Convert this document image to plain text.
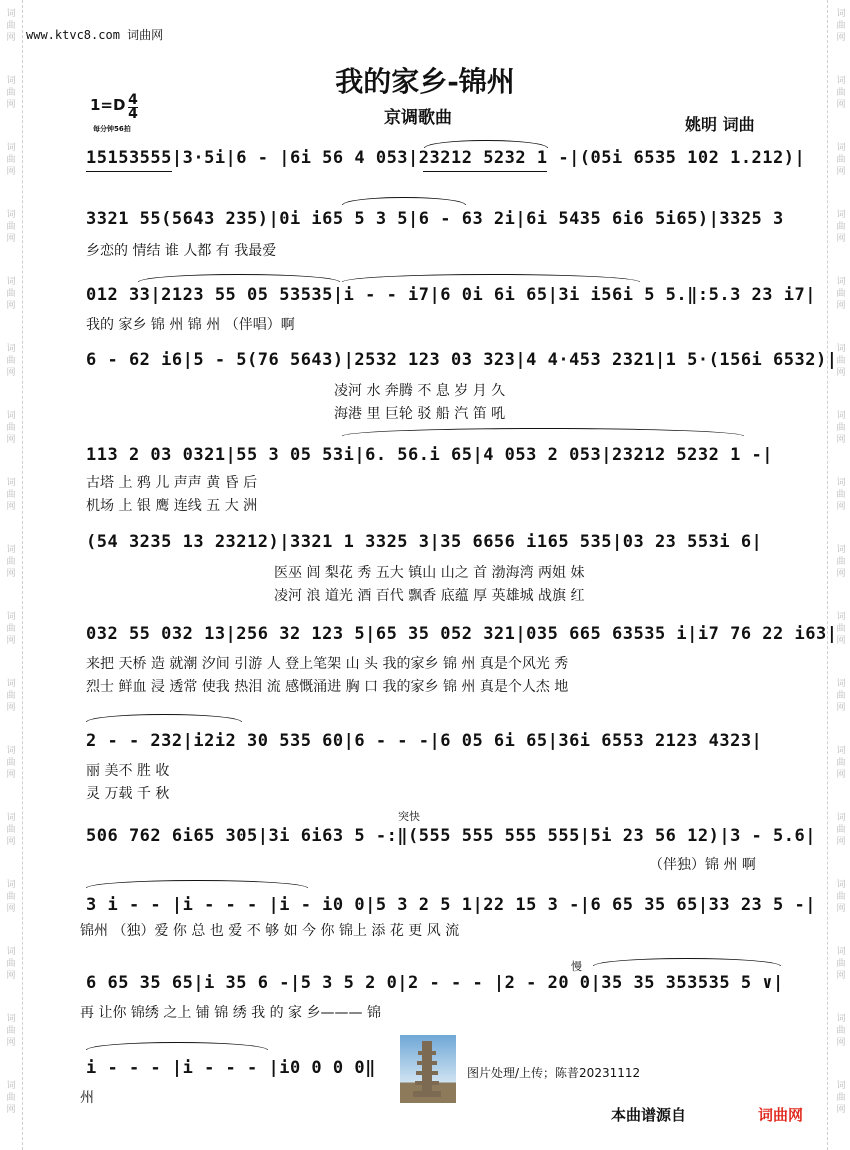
词
曲
网
词
曲
网
词
曲
网
词
曲
网
词
曲
网
词
曲
网
词
曲
网
词
曲
网
词
曲
网
词
曲
网
词
曲
网
词
曲
网
词
曲
网
词
曲
网
词
曲
网
词
曲
网
词
曲
网
词
曲
网
词
曲
网
词
曲
网
词
曲
网
词
曲
网
词
曲
网
词
曲
网
词
曲
网
词
曲
网
词
曲
网
词
曲
网
词
曲
网
词
曲
网
词
曲
网
词
曲
网
词
曲
网
词
曲
网
www.ktvc8.com 词曲网
我的家乡-锦州
1=D 4
4
每分钟56拍
京调歌曲	姚明 词曲
15153555|3·5i|6 - |6i 56 4 053|23212 5232 1 -|(05i 6535 102 1.212)|
3321 55(5643 235)|0i i65 5 3 5|6 - 63 2i|6i 5435 6i6 5i65)|3325 3
乡恋的 情结 谁 人都 有 我最爱
012 33|2123 55 05 53535|i - - i7|6 0i 6i 65|3i i56i 5 5.‖:5.3 23 i7|
我的 家乡 锦 州 锦 州 （伴唱）啊
6 - 62 i6|5 - 5(76 5643)|2532 123 03 323|4 4·453 2321|1 5·(156i 6532)|
凌河 水 奔腾 不 息 岁 月 久
海港 里 巨轮 驳 船 汽 笛 吼
113 2 03 0321|55 3 05 53i|6. 56.i 65|4 053 2 053|23212 5232 1 -|
古塔 上 鸦 儿 声声 黄 昏 后
机场 上 银 鹰 连线 五 大 洲
(54 3235 13 23212)|3321 1 3325 3|35 6656 i165 535|03 23 553i 6|
医巫 闾 梨花 秀 五大 镇山 山之 首 渤海湾 两姐 妹
凌河 浪 道光 酒 百代 飘香 底蕴 厚 英雄城 战旗 红
032 55 032 13|256 32 123 5|65 35 052 321|035 665 63535 i|i7 76 22 i63|
来把 天桥 造 就潮 汐间 引游 人 登上笔架 山 头 我的家乡 锦 州 真是个风光 秀
烈士 鲜血 浸 透常 使我 热泪 流 感慨涌进 胸 口 我的家乡 锦 州 真是个人杰 地
2 - - 232|i2i2 30 535 60|6 - - -|6 05 6i 65|36i 6553 2123 4323|
丽 美不 胜 收
灵 万载 千 秋
突快
506 762 6i65 305|3i 6i63 5 -:‖(555 555 555 555|5i 23 56 12)|3 - 5.6|
（伴独）锦 州 啊
3 i - - |i - - - |i - i0 0|5 3 2 5 1|22 15 3 -|6 65 35 65|33 23 5 -|
锦州 （独）爱 你 总 也 爱 不 够 如 今 你 锦上 添 花 更 风 流
慢
6 65 35 65|i 35 6 -|5 3 5 2 0|2 - - - |2 - 20 0|35 35 353535 5 ∨|
再 让你 锦绣 之上 铺 锦 绣 我 的 家 乡——— 锦
i - - - |i - - - |i0 0 0 0‖
州
图片处理/上传；陈普20231112
本曲谱源自	词曲网
